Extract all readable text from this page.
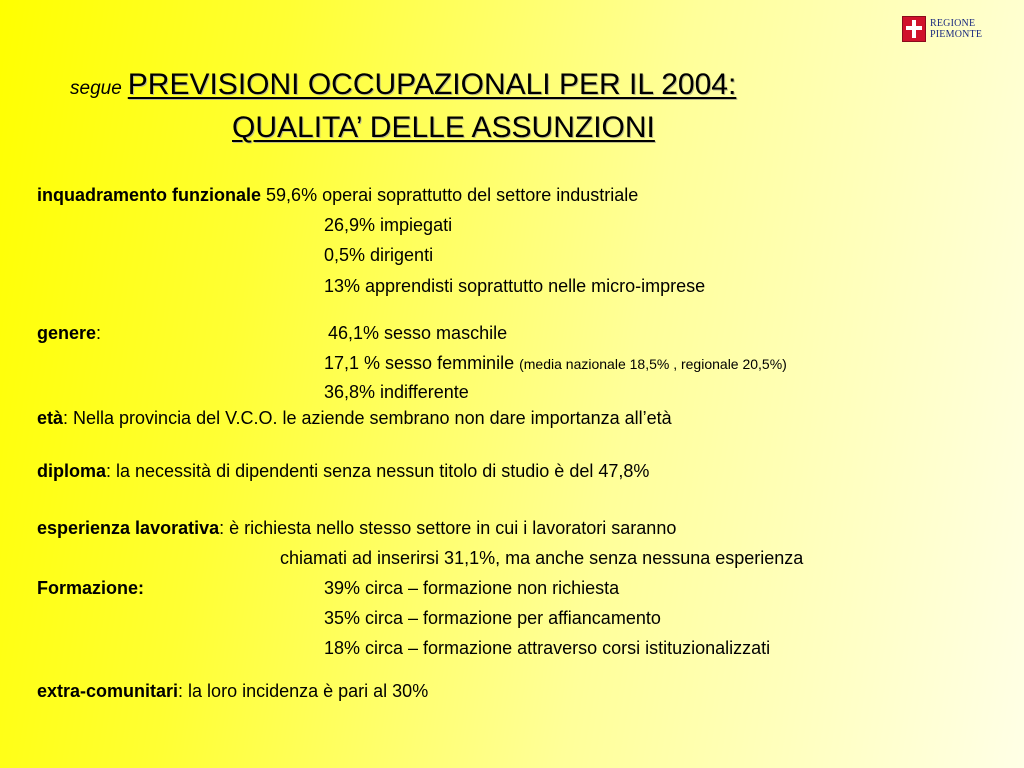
REGIONE
PIEMONTE
segue PREVISIONI OCCUPAZIONALI PER IL 2004:
QUALITA’ DELLE ASSUNZIONI
inquadramento funzionale 59,6% operai soprattutto del settore industriale
26,9% impiegati
0,5% dirigenti
13% apprendisti soprattutto nelle micro-imprese
genere:	46,1% sesso maschile
17,1 % sesso femminile (media nazionale 18,5% , regionale 20,5%)
36,8% indifferente
età: Nella provincia del V.C.O. le aziende sembrano non dare importanza all’età
diploma: la necessità di dipendenti senza nessun titolo di studio è del 47,8%
esperienza lavorativa: è richiesta nello stesso settore in cui i lavoratori saranno
chiamati ad inserirsi 31,1%, ma anche senza nessuna esperienza
Formazione:	39% circa – formazione non richiesta
35% circa – formazione per affiancamento
18% circa – formazione attraverso corsi istituzionalizzati
extra-comunitari: la loro incidenza è pari al 30%
